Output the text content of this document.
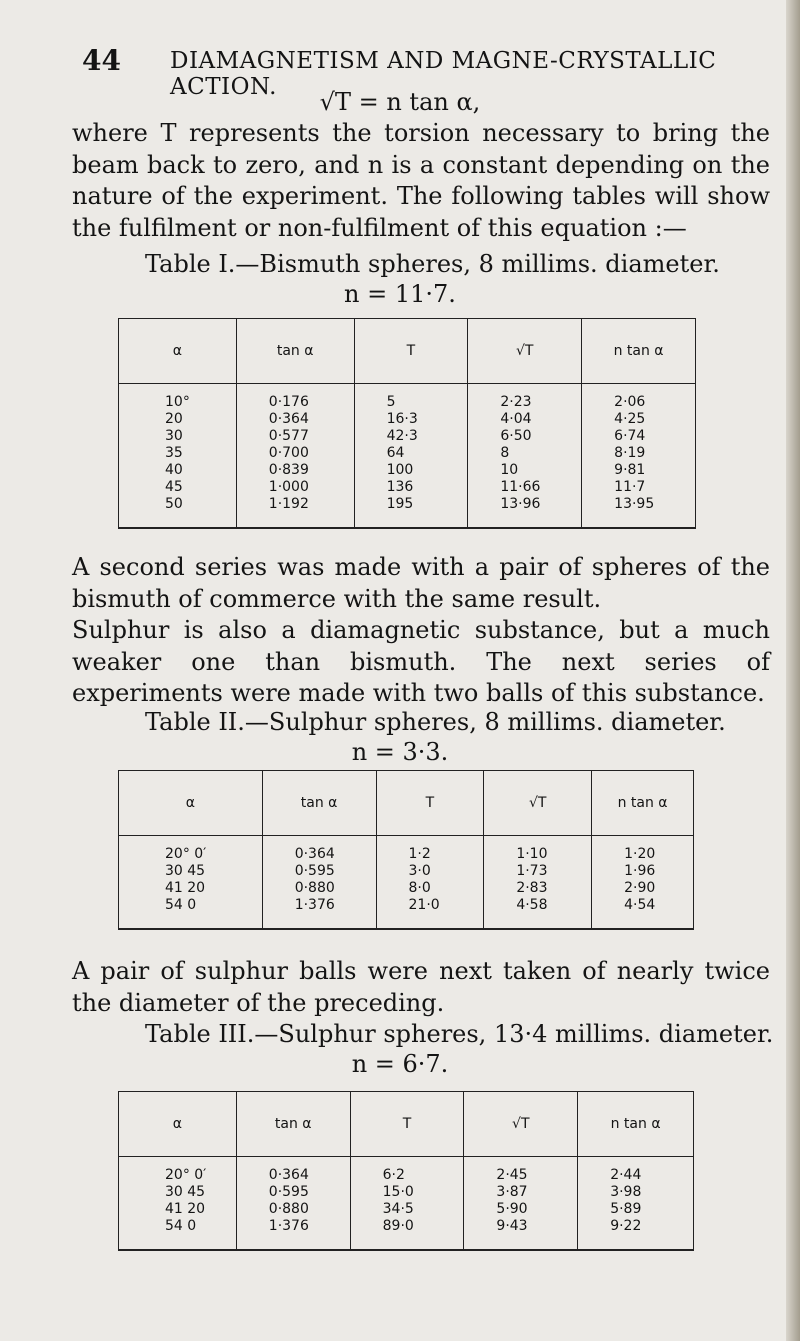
44 DIAMAGNETISM AND MAGNE-CRYSTALLIC ACTION.
√T = n tan α,
where T represents the torsion necessary to bring the beam back to zero, and n is a constant depending on the nature of the experiment. The following tables will show the fulfilment or non-fulfilment of this equation :—
Table I.—Bismuth spheres, 8 millims. diameter.
n = 11·7.
α	tan α	T	√T	n tan α
10°	0·176	5	2·23	2·06
20	0·364	16·3	4·04	4·25
30	0·577	42·3	6·50	6·74
35	0·700	64	8	8·19
40	0·839	100	10	9·81
45	1·000	136	11·66	11·7
50	1·192	195	13·96	13·95
A second series was made with a pair of spheres of the bismuth of commerce with the same result.
Sulphur is also a diamagnetic substance, but a much weaker one than bismuth. The next series of experiments were made with two balls of this substance.
Table II.—Sulphur spheres, 8 millims. diameter.
n = 3·3.
α	tan α	T	√T	n tan α
20° 0′	0·364	1·2	1·10	1·20
30 45	0·595	3·0	1·73	1·96
41 20	0·880	8·0	2·83	2·90
54 0	1·376	21·0	4·58	4·54
A pair of sulphur balls were next taken of nearly twice the diameter of the preceding.
Table III.—Sulphur spheres, 13·4 millims. diameter.
n = 6·7.
α	tan α	T	√T	n tan α
20° 0′	0·364	6·2	2·45	2·44
30 45	0·595	15·0	3·87	3·98
41 20	0·880	34·5	5·90	5·89
54 0	1·376	89·0	9·43	9·22
